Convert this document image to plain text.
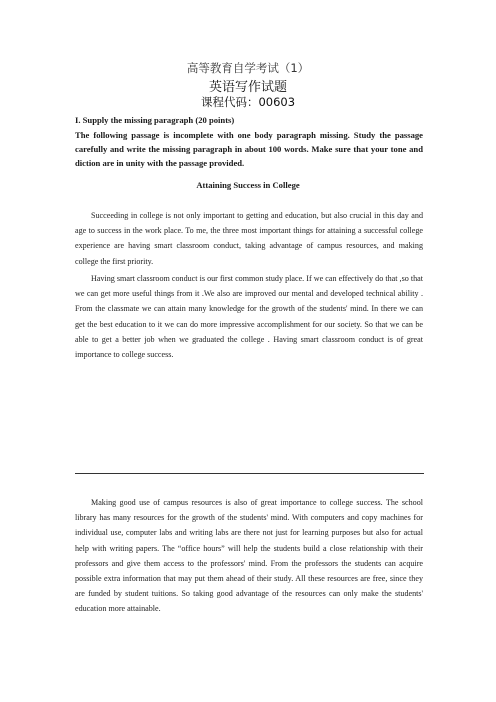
高等教育自学考试（1）
英语写作试题
课程代码：00603
I. Supply the missing paragraph (20 points)
The following passage is incomplete with one body paragraph missing. Study the passage carefully and write the missing paragraph in about 100 words. Make sure that your tone and diction are in unity with the passage provided.
Attaining Success in College

Succeeding in college is not only important to getting and education, but also crucial in this day and age to success in the work place. To me, the three most important things for attaining a successful college experience are having smart classroom conduct, taking advantage of campus resources, and making college the first priority.

Having smart classroom conduct is our first common study place. If we can effectively do that ,so that we can get more useful things from it .We also are improved our mental and developed technical ability . From the classmate we can attain many knowledge for the growth of the students' mind. In there we can get the best education to it we can do more impressive accomplishment for our society. So that we can be able to get a better job when we graduated the college . Having smart classroom conduct is of great importance to college success.

Making good use of campus resources is also of great importance to college success. The school library has many resources for the growth of the students' mind. With computers and copy machines for individual use, computer labs and writing labs are there not just for learning purposes but also for actual help with writing papers. The “office hours” will help the students build a close relationship with their professors and give them access to the professors' mind. From the professors the students can acquire possible extra information that may put them ahead of their study. All these resources are free, since they are funded by student tuitions. So taking good advantage of the resources can only make the students' education more attainable.
